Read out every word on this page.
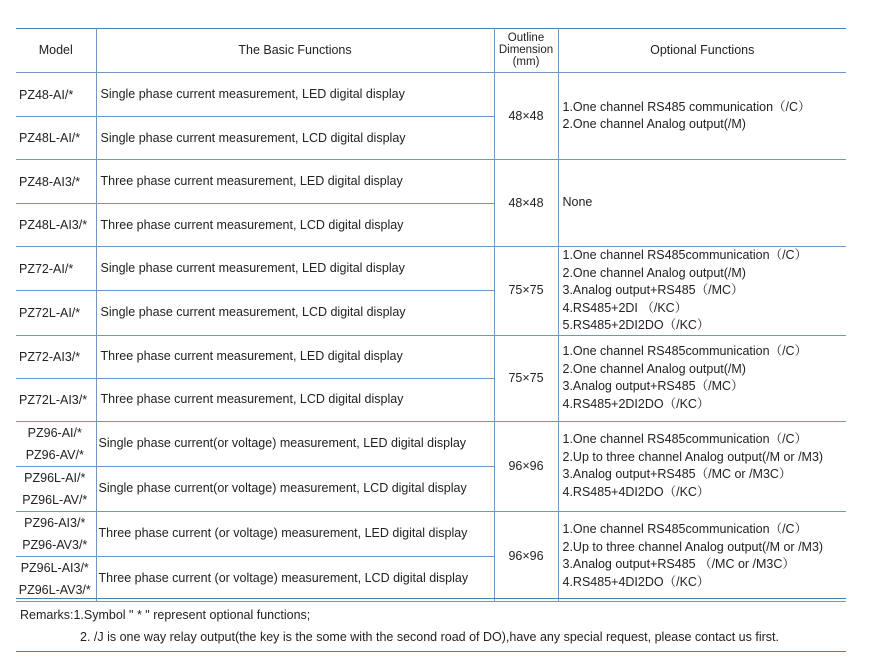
Model	The Basic Functions	Outline
Dimension
(mm)	Optional Functions

PZ48-AI/*	Single phase current measurement, LED digital display	48×48	1.One channel RS485 communication（/C）
2.One channel Analog output(/M)

PZ48L-AI/*	Single phase current measurement, LCD digital display		

PZ48-AI3/*	Three phase current measurement, LED digital display	48×48	None

PZ48L-AI3/*	Three phase current measurement, LCD digital display		

PZ72-AI/*	Single phase current measurement, LED digital display	75×75	1.One channel RS485communication（/C）
2.One channel Analog output(/M)
3.Analog output+RS485（/MC）
4.RS485+2DI （/KC）
5.RS485+2DI2DO（/KC）

PZ72L-AI/*	Single phase current measurement, LCD digital display		

PZ72-AI3/*	Three phase current measurement, LED digital display	75×75	1.One channel RS485communication（/C）
2.One channel Analog output(/M)
3.Analog output+RS485（/MC）
4.RS485+2DI2DO（/KC）

PZ72L-AI3/*	Three phase current measurement, LCD digital display		

PZ96-AI/*
PZ96-AV/*	Single phase current(or voltage) measurement, LED digital display	96×96	1.One channel RS485communication（/C）
2.Up to three channel Analog output(/M or /M3)
3.Analog output+RS485（/MC or /M3C）
4.RS485+4DI2DO（/KC）

PZ96L-AI/*
PZ96L-AV/*	Single phase current(or voltage) measurement, LCD digital display		

PZ96-AI3/*
PZ96-AV3/*	Three phase current (or voltage) measurement, LED digital display	96×96	1.One channel RS485communication（/C）
2.Up to three channel Analog output(/M or /M3)
3.Analog output+RS485 （/MC or /M3C）
4.RS485+4DI2DO（/KC）

PZ96L-AI3/*
PZ96L-AV3/*	Three phase current (or voltage) measurement, LCD digital display		
Remarks:1.Symbol " * " represent optional functions;
2. /J is one way relay output(the key is the some with the second road of DO),have any special request, please contact us first.
